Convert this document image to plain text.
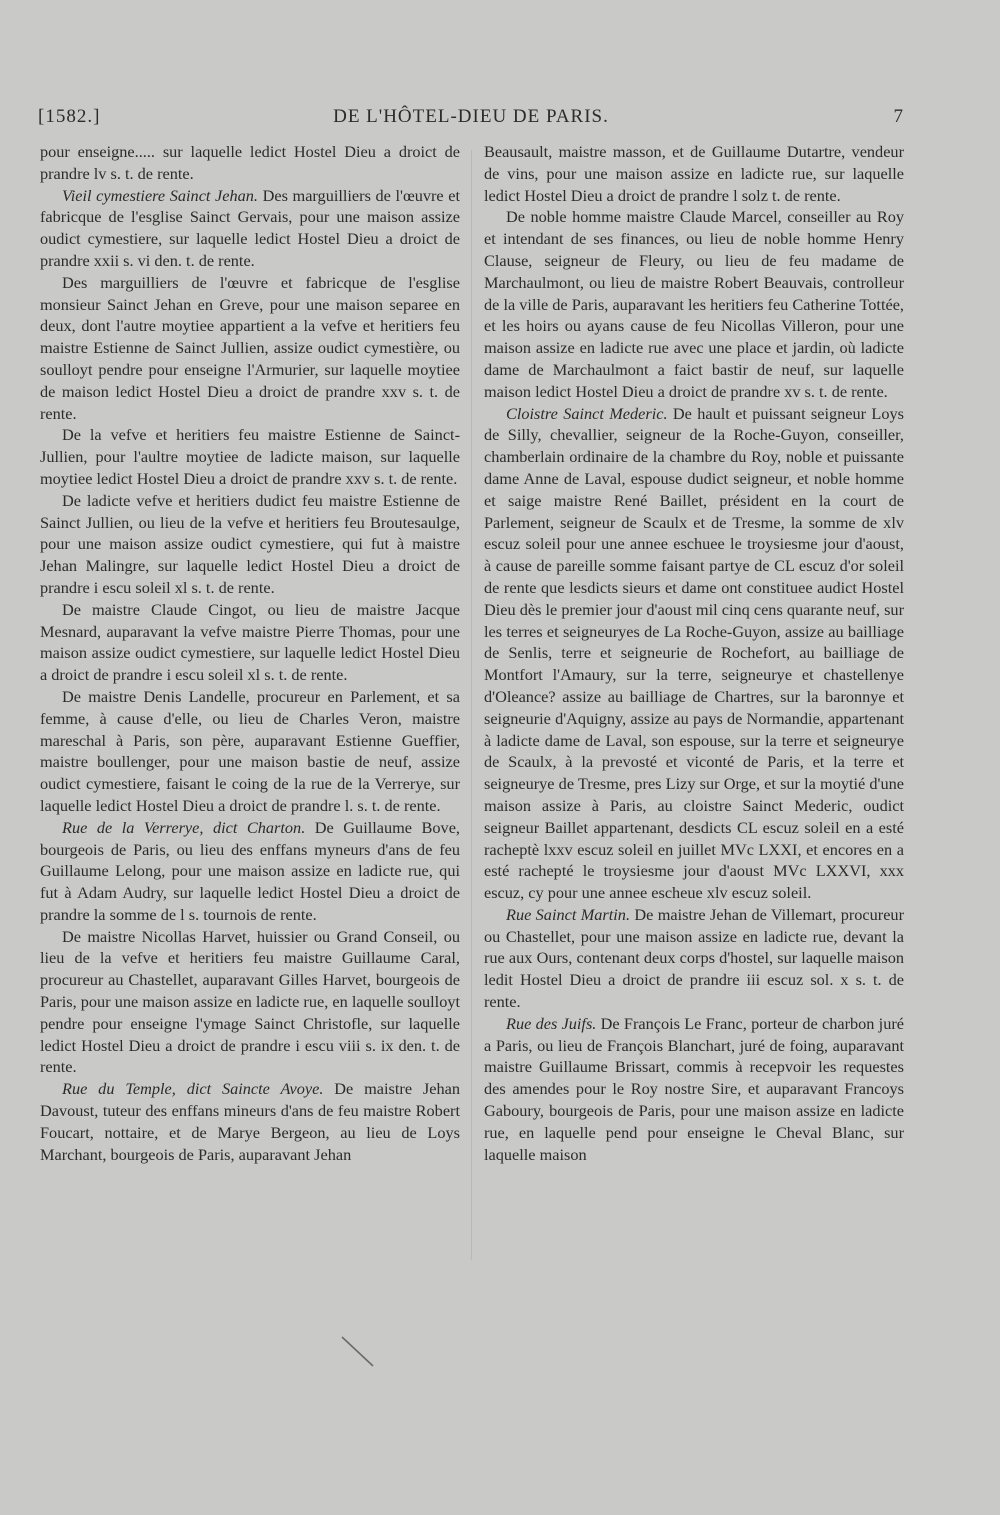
[1582.]	DE L'HÔTEL-DIEU DE PARIS.	7

pour enseigne..... sur laquelle ledict Hostel Dieu a droict de prandre lv s. t. de rente.

Vieil cymestiere Sainct Jehan. Des marguilliers de l'œuvre et fabricque de l'esglise Sainct Gervais, pour une maison assize oudict cymestiere, sur laquelle ledict Hostel Dieu a droict de prandre xxii s. vi den. t. de rente.

Des marguilliers de l'œuvre et fabricque de l'esglise monsieur Sainct Jehan en Greve, pour une maison separee en deux, dont l'autre moytiee appartient a la vefve et heritiers feu maistre Estienne de Sainct Jullien, assize oudict cymestière, ou soulloyt pendre pour enseigne l'Armurier, sur laquelle moytiee de maison ledict Hostel Dieu a droict de prandre xxv s. t. de rente.

De la vefve et heritiers feu maistre Estienne de Sainct-Jullien, pour l'aultre moytiee de ladicte maison, sur laquelle moytiee ledict Hostel Dieu a droict de prandre xxv s. t. de rente.

De ladicte vefve et heritiers dudict feu maistre Estienne de Sainct Jullien, ou lieu de la vefve et heritiers feu Broutesaulge, pour une maison assize oudict cymestiere, qui fut à maistre Jehan Malingre, sur laquelle ledict Hostel Dieu a droict de prandre i escu soleil xl s. t. de rente.

De maistre Claude Cingot, ou lieu de maistre Jacque Mesnard, auparavant la vefve maistre Pierre Thomas, pour une maison assize oudict cymestiere, sur laquelle ledict Hostel Dieu a droict de prandre i escu soleil xl s. t. de rente.

De maistre Denis Landelle, procureur en Parlement, et sa femme, à cause d'elle, ou lieu de Charles Veron, maistre mareschal à Paris, son père, auparavant Estienne Gueffier, maistre boullenger, pour une maison bastie de neuf, assize oudict cymestiere, faisant le coing de la rue de la Verrerye, sur laquelle ledict Hostel Dieu a droict de prandre l. s. t. de rente.

Rue de la Verrerye, dict Charton. De Guillaume Bove, bourgeois de Paris, ou lieu des enffans myneurs d'ans de feu Guillaume Lelong, pour une maison assize en ladicte rue, qui fut à Adam Audry, sur laquelle ledict Hostel Dieu a droict de prandre la somme de l s. tournois de rente.

De maistre Nicollas Harvet, huissier ou Grand Conseil, ou lieu de la vefve et heritiers feu maistre Guillaume Caral, procureur au Chastellet, auparavant Gilles Harvet, bourgeois de Paris, pour une maison assize en ladicte rue, en laquelle soulloyt pendre pour enseigne l'ymage Sainct Christofle, sur laquelle ledict Hostel Dieu a droict de prandre i escu viii s. ix den. t. de rente.

Rue du Temple, dict Saincte Avoye. De maistre Jehan Davoust, tuteur des enffans mineurs d'ans de feu maistre Robert Foucart, nottaire, et de Marye Bergeon, au lieu de Loys Marchant, bourgeois de Paris, auparavant Jehan

Beausault, maistre masson, et de Guillaume Dutartre, vendeur de vins, pour une maison assize en ladicte rue, sur laquelle ledict Hostel Dieu a droict de prandre l solz t. de rente.

De noble homme maistre Claude Marcel, conseiller au Roy et intendant de ses finances, ou lieu de noble homme Henry Clause, seigneur de Fleury, ou lieu de feu madame de Marchaulmont, ou lieu de maistre Robert Beauvais, controlleur de la ville de Paris, auparavant les heritiers feu Catherine Tottée, et les hoirs ou ayans cause de feu Nicollas Villeron, pour une maison assize en ladicte rue avec une place et jardin, où ladicte dame de Marchaulmont a faict bastir de neuf, sur laquelle maison ledict Hostel Dieu a droict de prandre xv s. t. de rente.

Cloistre Sainct Mederic. De hault et puissant seigneur Loys de Silly, chevallier, seigneur de la Roche-Guyon, conseiller, chamberlain ordinaire de la chambre du Roy, noble et puissante dame Anne de Laval, espouse dudict seigneur, et noble homme et saige maistre René Baillet, président en la court de Parlement, seigneur de Scaulx et de Tresme, la somme de xlv escuz soleil pour une annee eschuee le troysiesme jour d'aoust, à cause de pareille somme faisant partye de CL escuz d'or soleil de rente que lesdicts sieurs et dame ont constituee audict Hostel Dieu dès le premier jour d'aoust mil cinq cens quarante neuf, sur les terres et seigneuryes de La Roche-Guyon, assize au bailliage de Senlis, terre et seigneurie de Rochefort, au bailliage de Montfort l'Amaury, sur la terre, seigneurye et chastellenye d'Oleance? assize au bailliage de Chartres, sur la baronnye et seigneurie d'Aquigny, assize au pays de Normandie, appartenant à ladicte dame de Laval, son espouse, sur la terre et seigneurye de Scaulx, à la prevosté et viconté de Paris, et la terre et seigneurye de Tresme, pres Lizy sur Orge, et sur la moytié d'une maison assize à Paris, au cloistre Sainct Mederic, oudict seigneur Baillet appartenant, desdicts CL escuz soleil en a esté racheptè lxxv escuz soleil en juillet MVc LXXI, et encores en a esté rachepté le troysiesme jour d'aoust MVc LXXVI, xxx escuz, cy pour une annee escheue xlv escuz soleil.

Rue Sainct Martin. De maistre Jehan de Villemart, procureur ou Chastellet, pour une maison assize en ladicte rue, devant la rue aux Ours, contenant deux corps d'hostel, sur laquelle maison ledit Hostel Dieu a droict de prandre iii escuz sol. x s. t. de rente.

Rue des Juifs. De François Le Franc, porteur de charbon juré a Paris, ou lieu de François Blanchart, juré de foing, auparavant maistre Guillaume Brissart, commis à recepvoir les requestes des amendes pour le Roy nostre Sire, et auparavant Francoys Gaboury, bourgeois de Paris, pour une maison assize en ladicte rue, en laquelle pend pour enseigne le Cheval Blanc, sur laquelle maison
